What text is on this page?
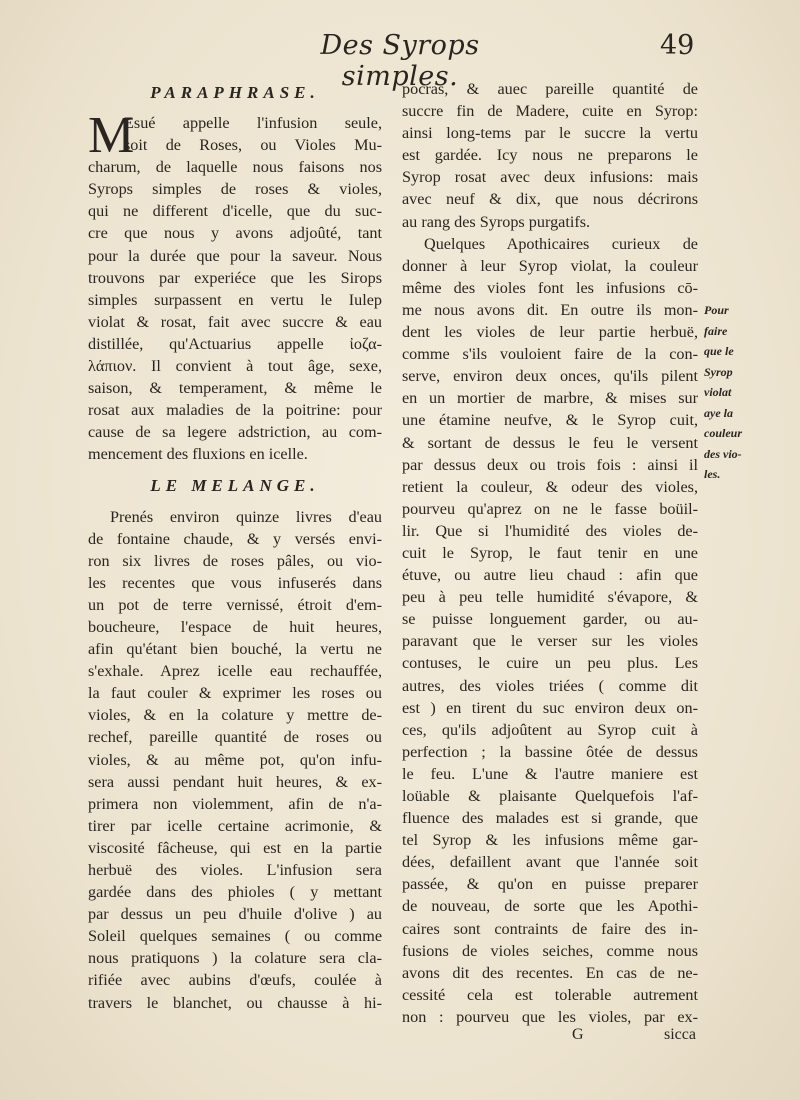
Des Syrops simples.
49
PARAPHRASE.
M
Esué appelle l'infusion seule,
soit de Roses, ou Violes Mu-
charum, de laquelle nous faisons nos
Syrops simples de roses & violes,
qui ne different d'icelle, que du suc-
cre que nous y avons adjoûté, tant
pour la durée que pour la saveur. Nous
trouvons par experiéce que les Sirops
simples surpassent en vertu le Iulep
violat & rosat, fait avec succre & eau
distillée, qu'Actuarius appelle ἰοζα-
λάπιον. Il convient à tout âge, sexe,
saison, & temperament, & même le
rosat aux maladies de la poitrine: pour
cause de sa legere adstriction, au com-
mencement des fluxions en icelle.
LE MELANGE.
Prenés environ quinze livres d'eau
de fontaine chaude, & y versés envi-
ron six livres de roses pâles, ou vio-
les recentes que vous infuserés dans
un pot de terre vernissé, étroit d'em-
boucheure, l'espace de huit heures,
afin qu'étant bien bouché, la vertu ne
s'exhale. Aprez icelle eau rechauffée,
la faut couler & exprimer les roses ou
violes, & en la colature y mettre de-
rechef, pareille quantité de roses ou
violes, & au même pot, qu'on infu-
sera aussi pendant huit heures, & ex-
primera non violemment, afin de n'a-
tirer par icelle certaine acrimonie, &
viscosité fâcheuse, qui est en la partie
herbuë des violes. L'infusion sera
gardée dans des phioles ( y mettant
par dessus un peu d'huile d'olive ) au
Soleil quelques semaines ( ou comme
nous pratiquons ) la colature sera cla-
rifiée avec aubins d'œufs, coulée à
travers le blanchet, ou chausse à hi-
pocras, & auec pareille quantité de
succre fin de Madere, cuite en Syrop:
ainsi long-tems par le succre la vertu
est gardée. Icy nous ne preparons le
Syrop rosat avec deux infusions: mais
avec neuf & dix, que nous décrirons
au rang des Syrops purgatifs.
Quelques Apothicaires curieux de
donner à leur Syrop violat, la couleur
même des violes font les infusions cō-
me nous avons dit. En outre ils mon-
dent les violes de leur partie herbuë,
comme s'ils vouloient faire de la con-
serve, environ deux onces, qu'ils pilent
en un mortier de marbre, & mises sur
une étamine neufve, & le Syrop cuit,
& sortant de dessus le feu le versent
par dessus deux ou trois fois : ainsi il
retient la couleur, & odeur des violes,
pourveu qu'aprez on ne le fasse boüil-
lir. Que si l'humidité des violes de-
cuit le Syrop, le faut tenir en une
étuve, ou autre lieu chaud : afin que
peu à peu telle humidité s'évapore, &
se puisse longuement garder, ou au-
paravant que le verser sur les violes
contuses, le cuire un peu plus. Les
autres, des violes triées ( comme dit
est ) en tirent du suc environ deux on-
ces, qu'ils adjoûtent au Syrop cuit à
perfection ; la bassine ôtée de dessus
le feu. L'une & l'autre maniere est
loüable & plaisante Quelquefois l'af-
fluence des malades est si grande, que
tel Syrop & les infusions même gar-
dées, defaillent avant que l'année soit
passée, & qu'on en puisse preparer
de nouveau, de sorte que les Apothi-
caires sont contraints de faire des in-
fusions de violes seiches, comme nous
avons dit des recentes. En cas de ne-
cessité cela est tolerable autrement
non : pourveu que les violes, par ex-
Pour
faire
que le
Syrop
violat
aye la
couleur
des vio-
les.
G	sicca
